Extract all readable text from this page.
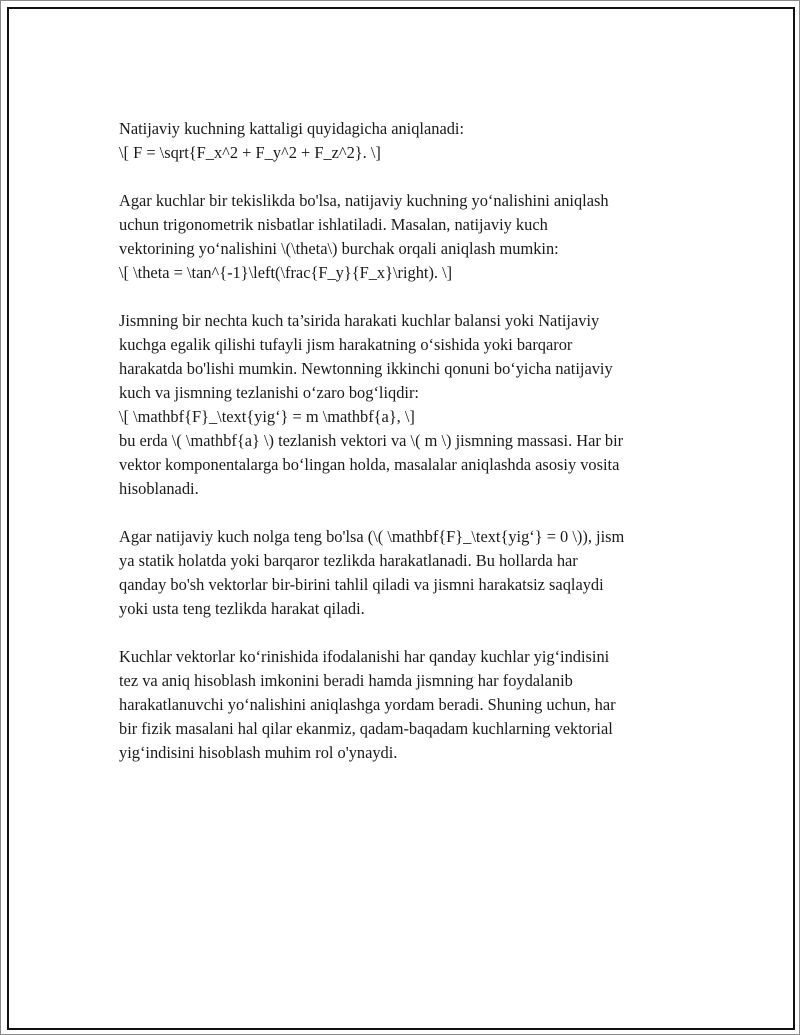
Natijaviy kuchning kattaligi quyidagicha aniqlanadi:
\[ F = \sqrt{F_x^2 + F_y^2 + F_z^2}. \]

Agar kuchlar bir tekislikda bo'lsa, natijaviy kuchning yo‘nalishini aniqlash
uchun trigonometrik nisbatlar ishlatiladi. Masalan, natijaviy kuch
vektorining yo‘nalishini \(\theta\) burchak orqali aniqlash mumkin:
\[ \theta = \tan^{-1}\left(\frac{F_y}{F_x}\right). \]

Jismning bir nechta kuch ta’sirida harakati kuchlar balansi yoki Natijaviy
kuchga egalik qilishi tufayli jism harakatning o‘sishida yoki barqaror
harakatda bo'lishi mumkin. Newtonning ikkinchi qonuni bo‘yicha natijaviy
kuch va jismning tezlanishi o‘zaro bog‘liqdir:
\[ \mathbf{F}_\text{yig‘} = m \mathbf{a}, \]
bu erda \( \mathbf{a} \) tezlanish vektori va \( m \) jismning massasi. Har bir
vektor komponentalarga bo‘lingan holda, masalalar aniqlashda asosiy vosita
hisoblanadi.

Agar natijaviy kuch nolga teng bo'lsa (\( \mathbf{F}_\text{yig‘} = 0 \)), jism
ya statik holatda yoki barqaror tezlikda harakatlanadi. Bu hollarda har
qanday bo'sh vektorlar bir-birini tahlil qiladi va jismni harakatsiz saqlaydi
yoki usta teng tezlikda harakat qiladi.

Kuchlar vektorlar ko‘rinishida ifodalanishi har qanday kuchlar yig‘indisini
tez va aniq hisoblash imkonini beradi hamda jismning har foydalanib
harakatlanuvchi yo‘nalishini aniqlashga yordam beradi. Shuning uchun, har
bir fizik masalani hal qilar ekanmiz, qadam-baqadam kuchlarning vektorial
yig‘indisini hisoblash muhim rol o'ynaydi.
